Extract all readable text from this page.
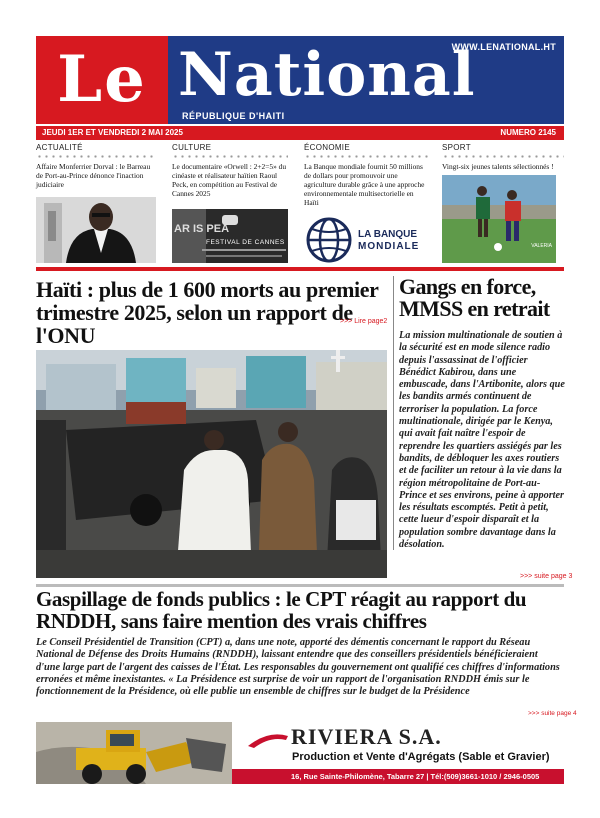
Le National
WWW.LENATIONAL.HT
RÉPUBLIQUE D'HAITI
JEUDI 1ER ET VENDREDI 2 MAI 2025	NUMERO 2145
ACTUALITÉ
Affaire Monferrier Dorval : le Barreau de Port-au-Prince dénonce l'inaction judiciaire
CULTURE
Le documentaire «Orwell : 2+2=5» du cinéaste et réalisateur haïtien Raoul Peck, en compétition au Festival de Cannes 2025
AR IS PEA
FESTIVAL DE CANNES
ÉCONOMIE
La Banque mondiale fournit 50 millions de dollars pour promouvoir une agriculture durable grâce à une approche environnementale multisectorielle en Haïti
LA BANQUE
MONDIALE
SPORT
Vingt-six jeunes talents sélectionnés !
VALERIA
Haïti : plus de 1 600 morts au premier trimestre 2025, selon un rapport de l'ONU
>>> Lire page2
Gangs en force, MMSS en retrait

La mission multinationale de soutien à la sécurité est en mode silence radio depuis l'assassinat de l'officier Bénédict Kabirou, dans une embuscade, dans l'Artibonite, alors que les bandits armés continuent de terroriser la population. La force multinationale, dirigée par le Kenya, qui avait fait naître l'espoir de reprendre les quartiers assiégés par les bandits, de débloquer les axes routiers et de faciliter un retour à la vie dans la région métropolitaine de Port-au-Prince et ses environs, peine à apporter les résultats escomptés. Petit à petit, cette lueur d'espoir disparaît et la population sombre davantage dans la désolation.

>>> suite page 3
Gaspillage de fonds publics : le CPT réagit au rapport du RNDDH, sans faire mention des vrais chiffres

Le Conseil Présidentiel de Transition (CPT) a, dans une note, apporté des démentis concernant le rapport du Réseau National de Défense des Droits Humains (RNDDH), laissant entendre que des conseillers présidentiels bénéficieraient d'une large part de l'argent des caisses de l'État. Les responsables du gouvernement ont qualifié ces chiffres d'informations erronées et même inexistantes. « La Présidence est surprise de voir un rapport de l'organisation RNDDH émis sur le fonctionnement de la Présidence, où elle publie un ensemble de chiffres sur le budget de la Présidence

>>> suite page 4
RIVIERA S.A.
Production et Vente d'Agrégats (Sable et Gravier)
16, Rue Sainte-Philomène, Tabarre 27 | Tél:(509)3661-1010 / 2946-0505
